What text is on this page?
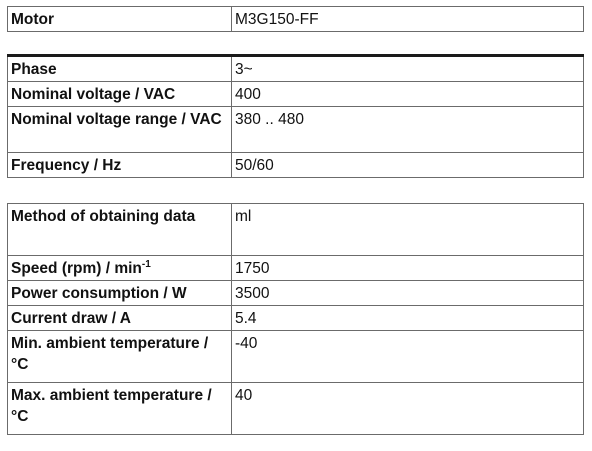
Motor	M3G150-FF
Phase	3~
Nominal voltage / VAC	400
Nominal voltage range / VAC	380 .. 480
Frequency / Hz	50/60
Method of obtaining data	ml
Speed $(rpm) / \min^{-1}$	1750
Power consumption / W	3500
Current draw / A	5.4
Min. ambient temperature / °C	-40
Max. ambient temperature / °C	40
